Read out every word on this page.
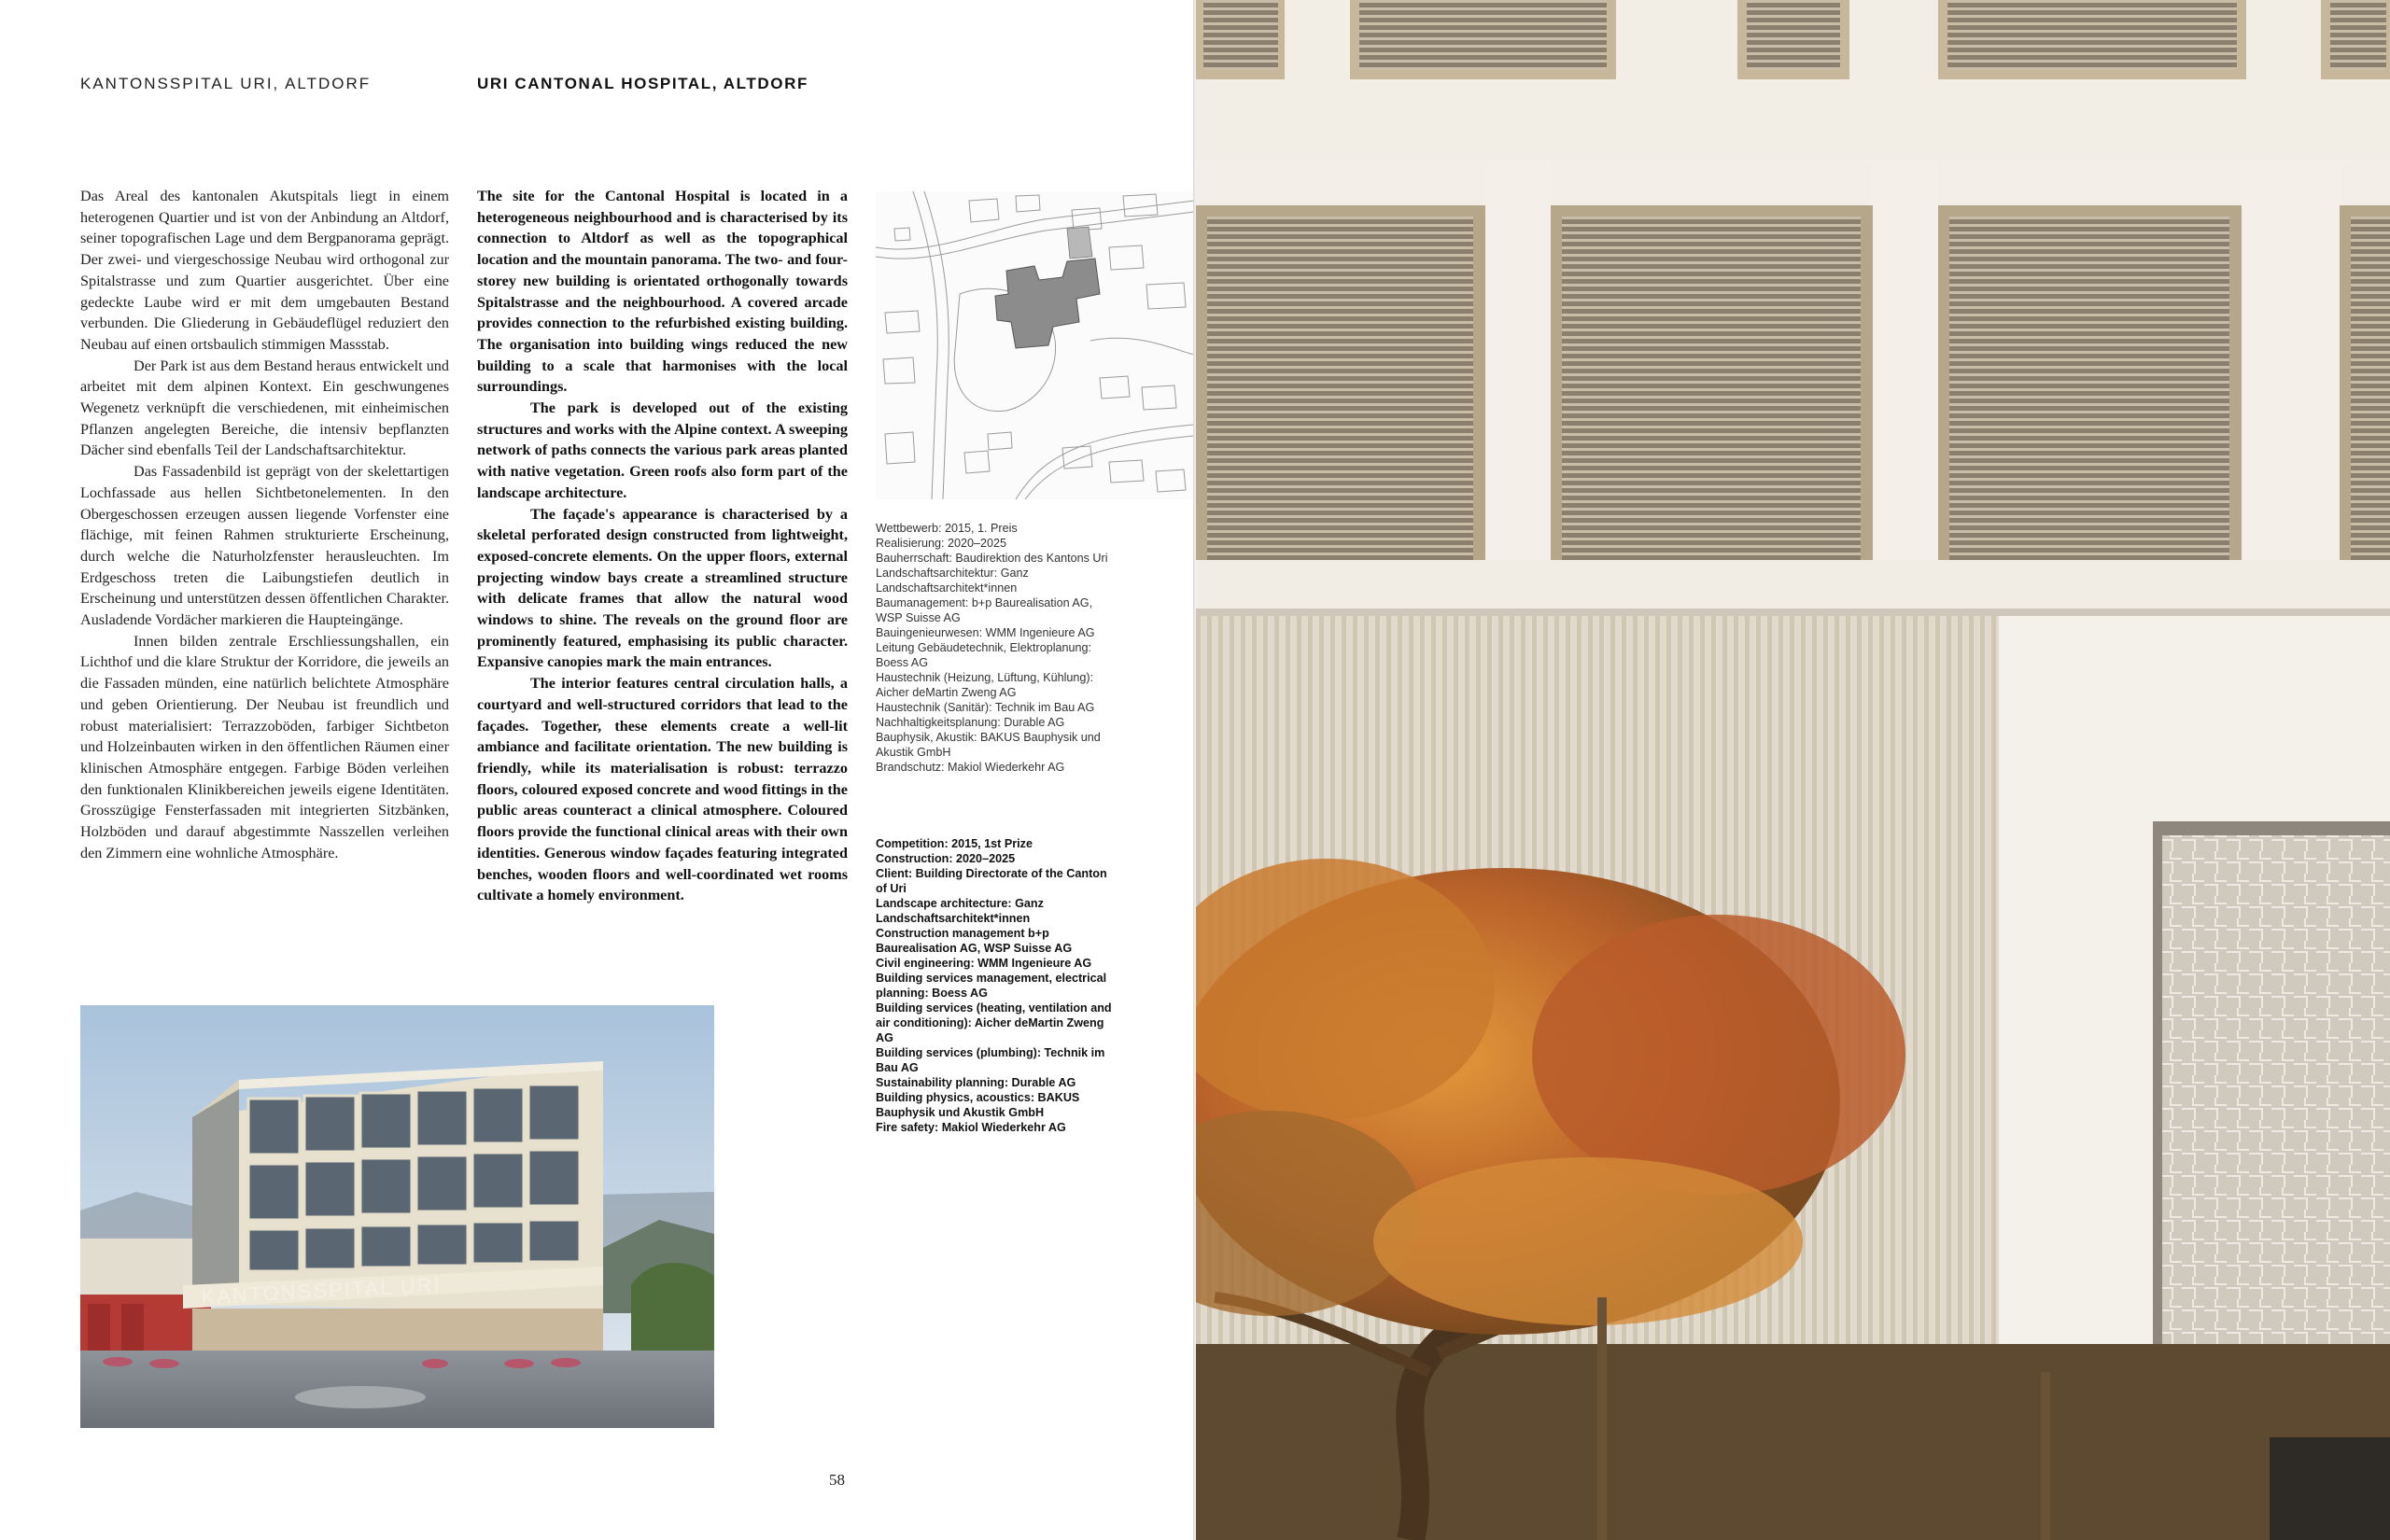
KANTONSSPITAL URI, ALTDORF	URI CANTONAL HOSPITAL, ALTDORF

Das Areal des kantonalen Akutspitals liegt in einem heterogenen Quartier und ist von der Anbindung an Altdorf, seiner topografischen Lage und dem Bergpanorama geprägt. Der zwei- und viergeschossige Neubau wird orthogonal zur Spitalstrasse und zum Quartier ausgerichtet. Über eine gedeckte Laube wird er mit dem umgebauten Bestand verbunden. Die Gliederung in Gebäudeflügel reduziert den Neubau auf einen ortsbaulich stimmigen Massstab.

Der Park ist aus dem Bestand heraus entwickelt und arbeitet mit dem alpinen Kontext. Ein geschwungenes Wegenetz verknüpft die verschiedenen, mit einheimischen Pflanzen angelegten Bereiche, die intensiv bepflanzten Dächer sind ebenfalls Teil der Landschaftsarchitektur.

Das Fassadenbild ist geprägt von der skelettartigen Lochfassade aus hellen Sichtbetonelementen. In den Obergeschossen erzeugen aussen liegende Vorfenster eine flächige, mit feinen Rahmen strukturierte Erscheinung, durch welche die Naturholzfenster herausleuchten. Im Erdgeschoss treten die Laibungstiefen deutlich in Erscheinung und unterstützen dessen öffentlichen Charakter. Ausladende Vordächer markieren die Haupteingänge.

Innen bilden zentrale Erschliessungshallen, ein Lichthof und die klare Struktur der Korridore, die jeweils an die Fassaden münden, eine natürlich belichtete Atmosphäre und geben Orientierung. Der Neubau ist freundlich und robust materialisiert: Terrazzoböden, farbiger Sichtbeton und Holzeinbauten wirken in den öffentlichen Räumen einer klinischen Atmosphäre entgegen. Farbige Böden verleihen den funktionalen Klinikbereichen jeweils eigene Identitäten. Grosszügige Fensterfassaden mit integrierten Sitzbänken, Holzböden und darauf abgestimmte Nasszellen verleihen den Zimmern eine wohnliche Atmosphäre.

The site for the Cantonal Hospital is located in a heterogeneous neighbourhood and is characterised by its connection to Altdorf as well as the topographical location and the mountain panorama. The two- and four-storey new building is orientated orthogonally towards Spitalstrasse and the neighbourhood. A covered arcade provides connection to the refurbished existing building. The organisation into building wings reduced the new building to a scale that harmonises with the local surroundings.

The park is developed out of the existing structures and works with the Alpine context. A sweeping network of paths connects the various park areas planted with native vegetation. Green roofs also form part of the landscape architecture.

The façade's appearance is characterised by a skeletal perforated design constructed from lightweight, exposed-concrete elements. On the upper floors, external projecting window bays create a streamlined structure with delicate frames that allow the natural wood windows to shine. The reveals on the ground floor are prominently featured, emphasising its public character. Expansive canopies mark the main entrances.

The interior features central circulation halls, a courtyard and well-structured corridors that lead to the façades. Together, these elements create a well-lit ambiance and facilitate orientation. The new building is friendly, while its materialisation is robust: terrazzo floors, coloured exposed concrete and wood fittings in the public areas counteract a clinical atmosphere. Coloured floors provide the functional clinical areas with their own identities. Generous window façades featuring integrated benches, wooden floors and well-coordinated wet rooms cultivate a homely environment.

Wettbewerb: 2015, 1. Preis
Realisierung: 2020–2025
Bauherrschaft: Baudirektion des Kantons Uri
Landschaftsarchitektur: Ganz Landschaftsarchitekt*innen
Baumanagement: b+p Baurealisation AG, WSP Suisse AG
Bauingenieurwesen: WMM Ingenieure AG
Leitung Gebäudetechnik, Elektroplanung: Boess AG
Haustechnik (Heizung, Lüftung, Kühlung): Aicher deMartin Zweng AG
Haustechnik (Sanitär): Technik im Bau AG
Nachhaltigkeitsplanung: Durable AG
Bauphysik, Akustik: BAKUS Bauphysik und Akustik GmbH
Brandschutz: Makiol Wiederkehr AG
Competition: 2015, 1st Prize
Construction: 2020–2025
Client: Building Directorate of the Canton of Uri
Landscape architecture: Ganz Landschaftsarchitekt*innen
Construction management b+p Baurealisation AG, WSP Suisse AG
Civil engineering: WMM Ingenieure AG
Building services management, electrical planning: Boess AG
Building services (heating, ventilation and air conditioning): Aicher deMartin Zweng AG
Building services (plumbing): Technik im Bau AG
Sustainability planning: Durable AG
Building physics, acoustics: BAKUS Bauphysik und Akustik GmbH
Fire safety: Makiol Wiederkehr AG
KANTONSSPITAL URI
58
